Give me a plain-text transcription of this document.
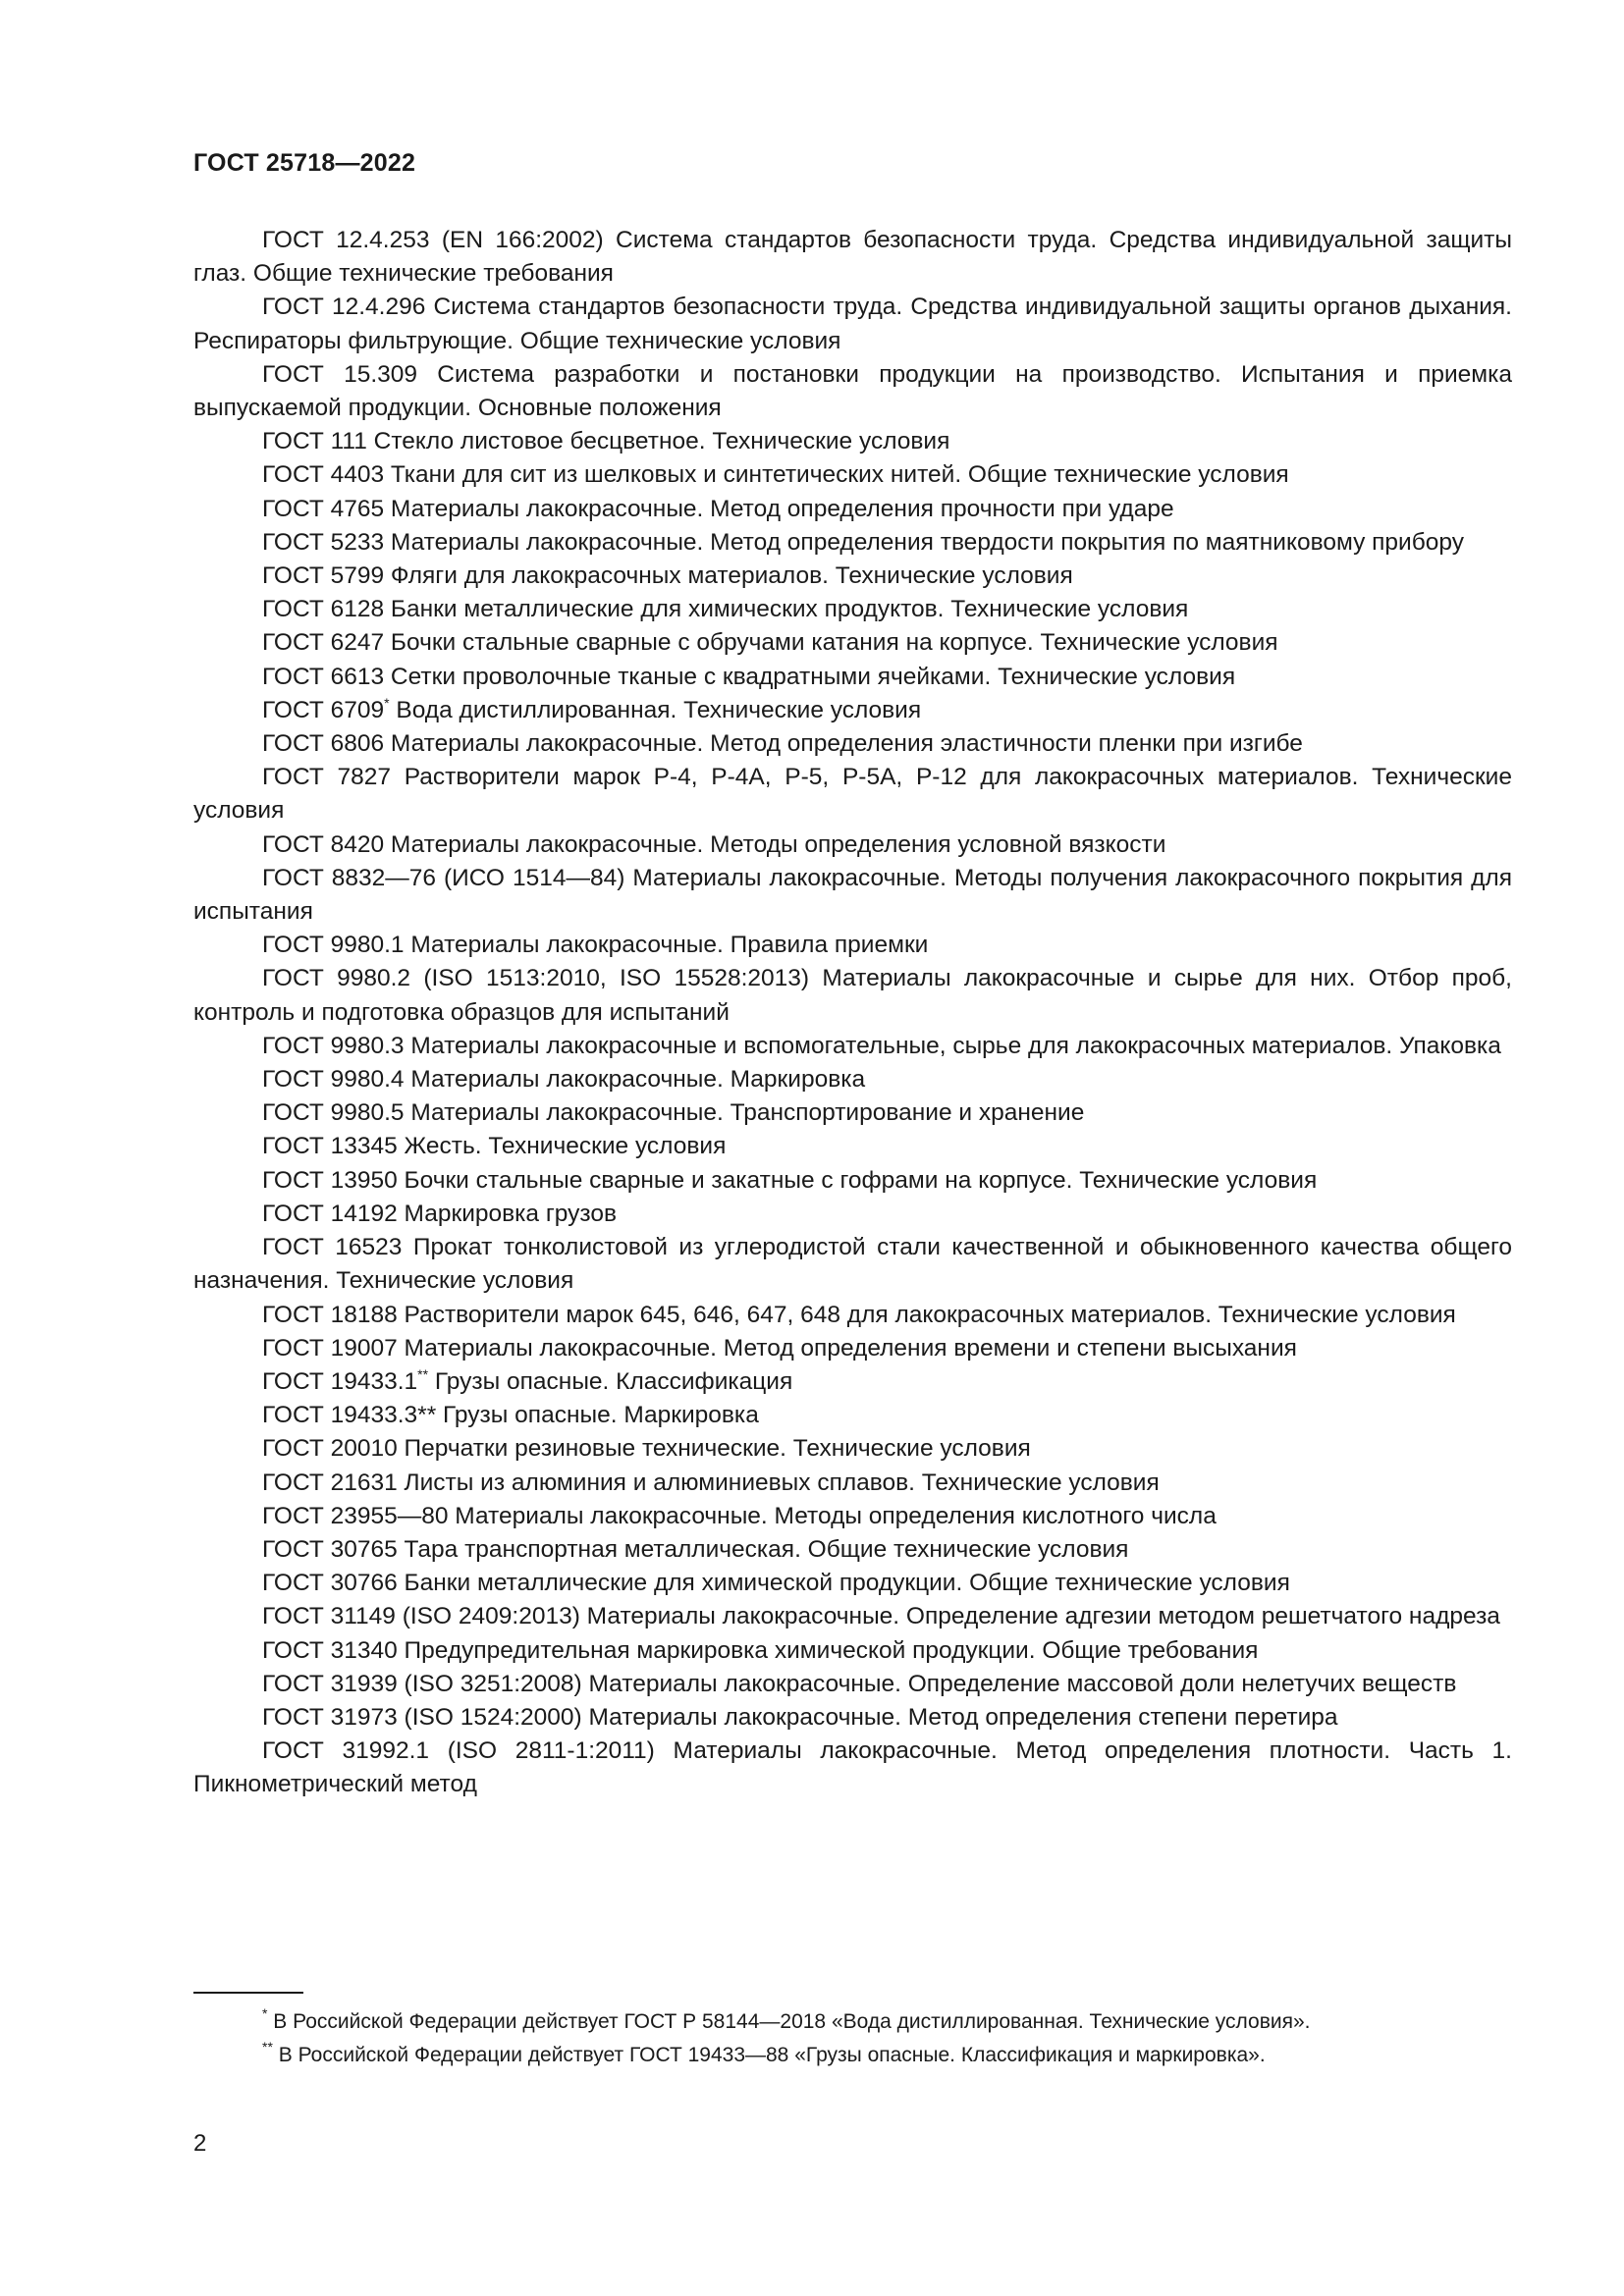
ГОСТ 25718—2022

ГОСТ 12.4.253 (EN 166:2002) Система стандартов безопасности труда. Средства индивидуальной защиты глаз. Общие технические требования

ГОСТ 12.4.296 Система стандартов безопасности труда. Средства индивидуальной защиты органов дыхания. Респираторы фильтрующие. Общие технические условия

ГОСТ 15.309 Система разработки и постановки продукции на производство. Испытания и приемка выпускаемой продукции. Основные положения

ГОСТ 111 Стекло листовое бесцветное. Технические условия

ГОСТ 4403 Ткани для сит из шелковых и синтетических нитей. Общие технические условия

ГОСТ 4765 Материалы лакокрасочные. Метод определения прочности при ударе

ГОСТ 5233 Материалы лакокрасочные. Метод определения твердости покрытия по маятниковому прибору

ГОСТ 5799 Фляги для лакокрасочных материалов. Технические условия

ГОСТ 6128 Банки металлические для химических продуктов. Технические условия

ГОСТ 6247 Бочки стальные сварные с обручами катания на корпусе. Технические условия

ГОСТ 6613 Сетки проволочные тканые с квадратными ячейками. Технические условия

ГОСТ 6709* Вода дистиллированная. Технические условия

ГОСТ 6806 Материалы лакокрасочные. Метод определения эластичности пленки при изгибе

ГОСТ 7827 Растворители марок Р-4, Р-4А, Р-5, Р-5А, Р-12 для лакокрасочных материалов. Технические условия

ГОСТ 8420 Материалы лакокрасочные. Методы определения условной вязкости

ГОСТ 8832—76 (ИСО 1514—84) Материалы лакокрасочные. Методы получения лакокрасочного покрытия для испытания

ГОСТ 9980.1 Материалы лакокрасочные. Правила приемки

ГОСТ 9980.2 (ISO 1513:2010, ISO 15528:2013) Материалы лакокрасочные и сырье для них. Отбор проб, контроль и подготовка образцов для испытаний

ГОСТ 9980.3 Материалы лакокрасочные и вспомогательные, сырье для лакокрасочных материалов. Упаковка

ГОСТ 9980.4 Материалы лакокрасочные. Маркировка

ГОСТ 9980.5 Материалы лакокрасочные. Транспортирование и хранение

ГОСТ 13345 Жесть. Технические условия

ГОСТ 13950 Бочки стальные сварные и закатные с гофрами на корпусе. Технические условия

ГОСТ 14192 Маркировка грузов

ГОСТ 16523 Прокат тонколистовой из углеродистой стали качественной и обыкновенного качества общего назначения. Технические условия

ГОСТ 18188 Растворители марок 645, 646, 647, 648 для лакокрасочных материалов. Технические условия

ГОСТ 19007 Материалы лакокрасочные. Метод определения времени и степени высыхания

ГОСТ 19433.1** Грузы опасные. Классификация

ГОСТ 19433.3** Грузы опасные. Маркировка

ГОСТ 20010 Перчатки резиновые технические. Технические условия

ГОСТ 21631 Листы из алюминия и алюминиевых сплавов. Технические условия

ГОСТ 23955—80 Материалы лакокрасочные. Методы определения кислотного числа

ГОСТ 30765 Тара транспортная металлическая. Общие технические условия

ГОСТ 30766 Банки металлические для химической продукции. Общие технические условия

ГОСТ 31149 (ISO 2409:2013) Материалы лакокрасочные. Определение адгезии методом решетчатого надреза

ГОСТ 31340 Предупредительная маркировка химической продукции. Общие требования

ГОСТ 31939 (ISO 3251:2008) Материалы лакокрасочные. Определение массовой доли нелетучих веществ

ГОСТ 31973 (ISO 1524:2000) Материалы лакокрасочные. Метод определения степени перетира

ГОСТ 31992.1 (ISO 2811-1:2011) Материалы лакокрасочные. Метод определения плотности. Часть 1. Пикнометрический метод

* В Российской Федерации действует ГОСТ Р 58144—2018 «Вода дистиллированная. Технические условия».

** В Российской Федерации действует ГОСТ 19433—88 «Грузы опасные. Классификация и маркировка».

2
